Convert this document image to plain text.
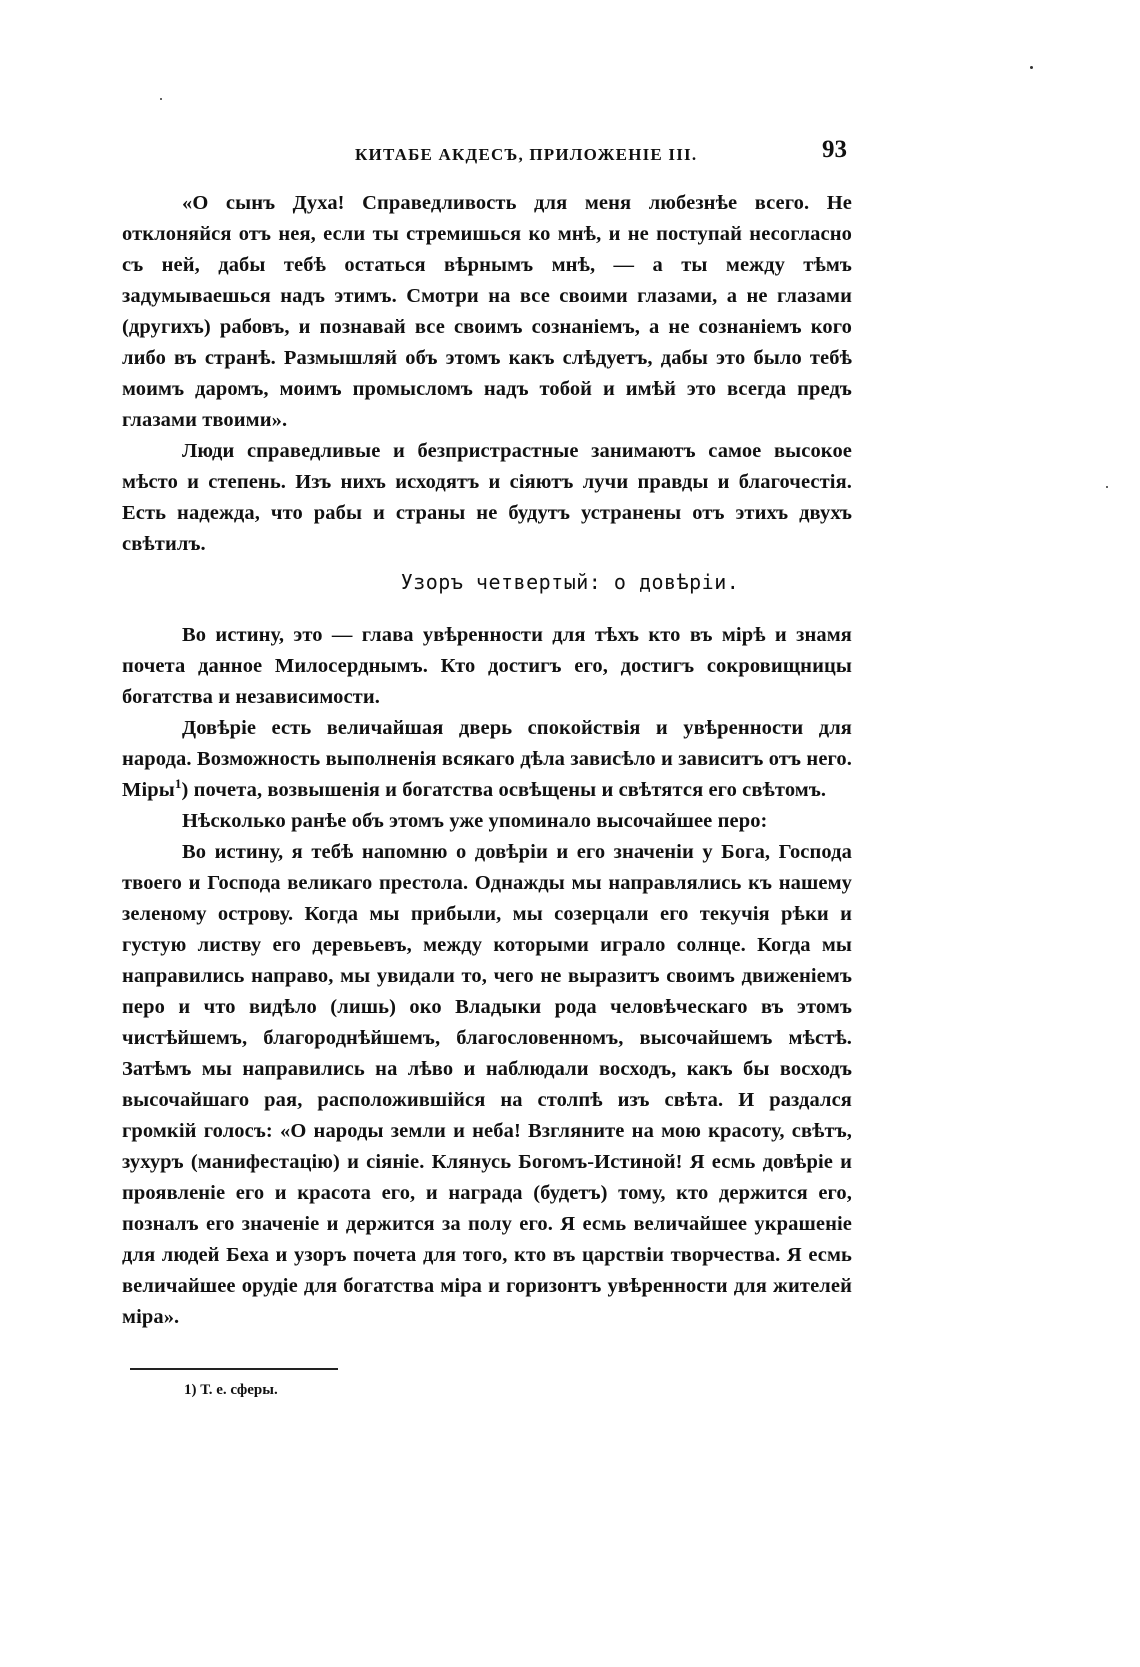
КИТАБЕ АКДЕСЪ, ПРИЛОЖЕНІЕ III.	93

«О сынъ Духа! Справедливость для меня любезнѣе всего. Не отклоняйся отъ нея, если ты стремишься ко мнѣ, и не поступай несогласно съ ней, дабы тебѣ остаться вѣрнымъ мнѣ, — а ты между тѣмъ задумываешься надъ этимъ. Смотри на все своими глазами, а не глазами (другихъ) рабовъ, и познавай все своимъ сознаніемъ, а не сознаніемъ кого либо въ странѣ. Размышляй объ этомъ какъ слѣдуетъ, дабы это было тебѣ моимъ даромъ, моимъ промысломъ надъ тобой и имѣй это всегда предъ глазами твоими».

Люди справедливые и безпристрастные занимаютъ самое высокое мѣсто и степень. Изъ нихъ исходятъ и сіяютъ лучи правды и благочестія. Есть надежда, что рабы и страны не будутъ устранены отъ этихъ двухъ свѣтилъ.

Узоръ четвертый: о довѣріи.

Во истину, это — глава увѣренности для тѣхъ кто въ мірѣ и знамя почета данное Милосерднымъ. Кто достигъ его, достигъ сокровищницы богатства и независимости.

Довѣріе есть величайшая дверь спокойствія и увѣренности для народа. Возможность выполненія всякаго дѣла зависѣло и зависитъ отъ него. Міры$^1$) почета, возвышенія и богатства освѣщены и свѣтятся его свѣтомъ.

Нѣсколько ранѣе объ этомъ уже упоминало высочайшее перо:

Во истину, я тебѣ напомню о довѣріи и его значеніи у Бога, Господа твоего и Господа великаго престола. Однажды мы направлялись къ нашему зеленому острову. Когда мы прибыли, мы созерцали его текучія рѣки и густую листву его деревьевъ, между которыми играло солнце. Когда мы направились направо, мы увидали то, чего не выразитъ своимъ движеніемъ перо и что видѣло (лишь) око Владыки рода человѣческаго въ этомъ чистѣйшемъ, благороднѣйшемъ, благословенномъ, высочайшемъ мѣстѣ. Затѣмъ мы направились на лѣво и наблюдали восходъ, какъ бы восходъ высочайшаго рая, расположившійся на столпѣ изъ свѣта. И раздался громкій голосъ: «О народы земли и неба! Взгляните на мою красоту, свѣтъ, зухуръ (манифестацію) и сіяніе. Клянусь Богомъ-Истиной! Я есмь довѣріе и проявленіе его и красота его, и награда (будетъ) тому, кто держится его, позналъ его значеніе и держится за полу его. Я есмь величайшее украшеніе для людей Беха и узоръ почета для того, кто въ царствіи творчества. Я есмь величайшее орудіе для богатства міра и горизонтъ увѣренности для жителей міра».

1) Т. е. сферы.
